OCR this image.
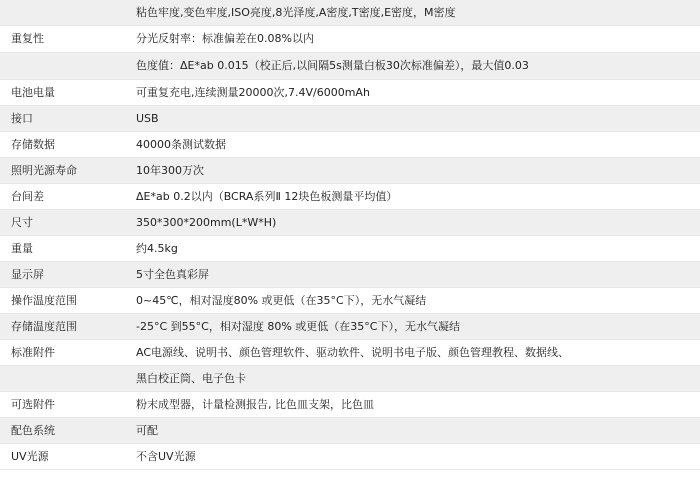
	粘色牢度,变色牢度,ISO亮度,8光泽度,A密度,T密度,E密度，M密度
重复性	分光反射率：标准偏差在0.08%以内
	色度值：ΔE*ab 0.015（校正后,以间隔5s测量白板30次标准偏差），最大值0.03
电池电量	可重复充电,连续测量20000次,7.4V/6000mAh
接口	USB
存储数据	40000条测试数据
照明光源寿命	10年300万次
台间差	ΔE*ab 0.2以内（BCRA系列Ⅱ 12块色板测量平均值）
尺寸	350*300*200mm(L*W*H)
重量	约4.5kg
显示屏	5寸全色真彩屏
操作温度范围	0~45℃，相对湿度80% 或更低（在35°C下），无水气凝结
存储温度范围	-25°C 到55°C，相对湿度 80% 或更低（在35°C下），无水气凝结
标准附件	AC电源线、说明书、颜色管理软件、驱动软件、说明书电子版、颜色管理教程、数据线、
	黑白校正筒、电子色卡
可选附件	粉末成型器，计量检测报告, 比色皿支架，比色皿
配色系统	可配
UV光源	不含UV光源
